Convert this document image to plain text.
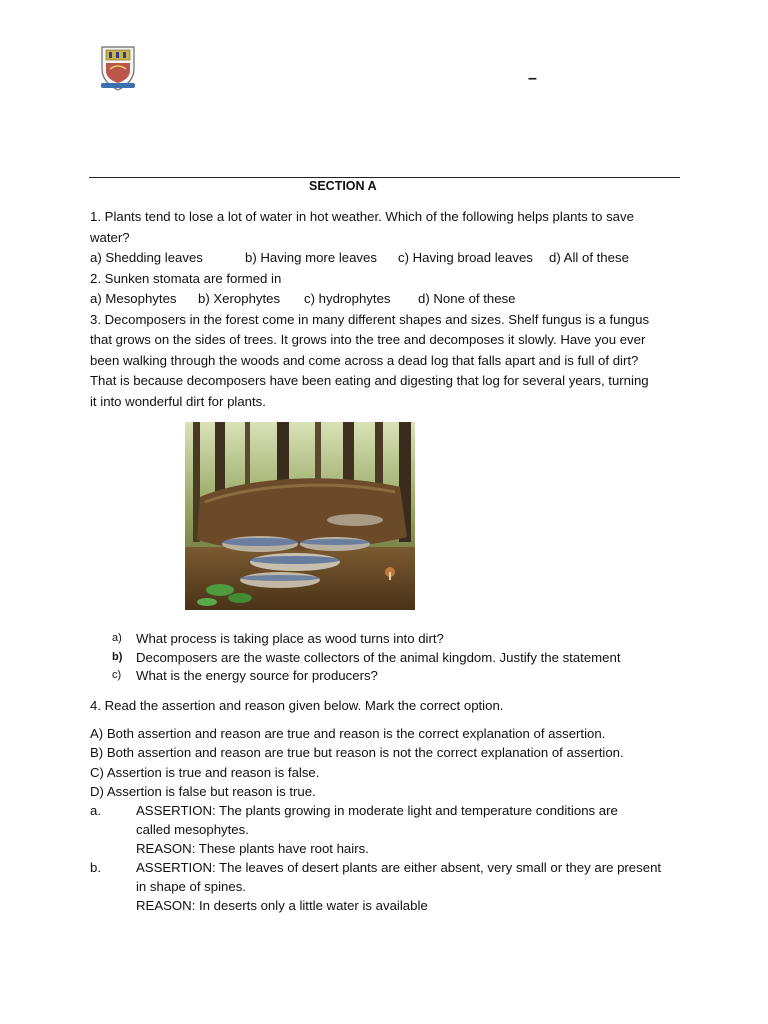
–
SECTION A
1. Plants tend to lose a lot of water in hot weather. Which of the following helps plants to save
water?
a) Shedding leaves	b) Having more leaves c) Having broad leaves d) All of these
2. Sunken stomata are formed in
a) Mesophytes b) Xerophytes c) hydrophytes d) None of these
3. Decomposers in the forest come in many different shapes and sizes. Shelf fungus is a fungus
that grows on the sides of trees. It grows into the tree and decomposes it slowly. Have you ever
been walking through the woods and come across a dead log that falls apart and is full of dirt?
That is because decomposers have been eating and digesting that log for several years, turning
it into wonderful dirt for plants.
a) What process is taking place as wood turns into dirt?
b) Decomposers are the waste collectors of the animal kingdom. Justify the statement
c) What is the energy source for producers?
4. Read the assertion and reason given below. Mark the correct option.
A) Both assertion and reason are true and reason is the correct explanation of assertion.
B) Both assertion and reason are true but reason is not the correct explanation of assertion.
C) Assertion is true and reason is false.
D) Assertion is false but reason is true.
a.	ASSERTION: The plants growing in moderate light and temperature conditions are
called mesophytes.
REASON: These plants have root hairs.
b.	ASSERTION: The leaves of desert plants are either absent, very small or they are present
in shape of spines.
REASON: In deserts only a little water is available
